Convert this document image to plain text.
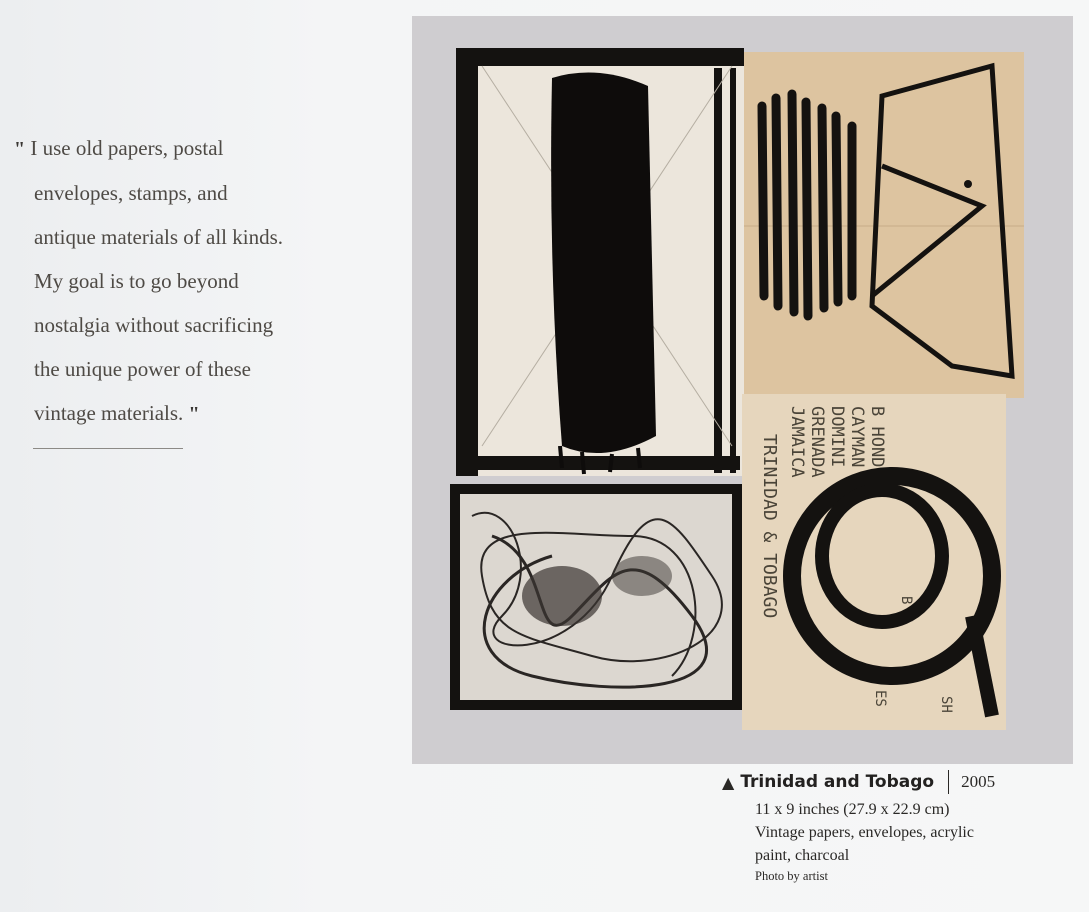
" I use old papers, postal
envelopes, stamps, and
antique materials of all kinds.
My goal is to go beyond
nostalgia without sacrificing
the unique power of these
vintage materials. "	B HONDU
CAYMAN
DOMINI
GRENADA
JAMAICA
TRINIDAD & TOBAGO
SH
ES
B W
▲ Trinidad and Tobago 2005
11 x 9 inches (27.9 x 22.9 cm)
Vintage papers, envelopes, acrylic
paint, charcoal
Photo by artist
